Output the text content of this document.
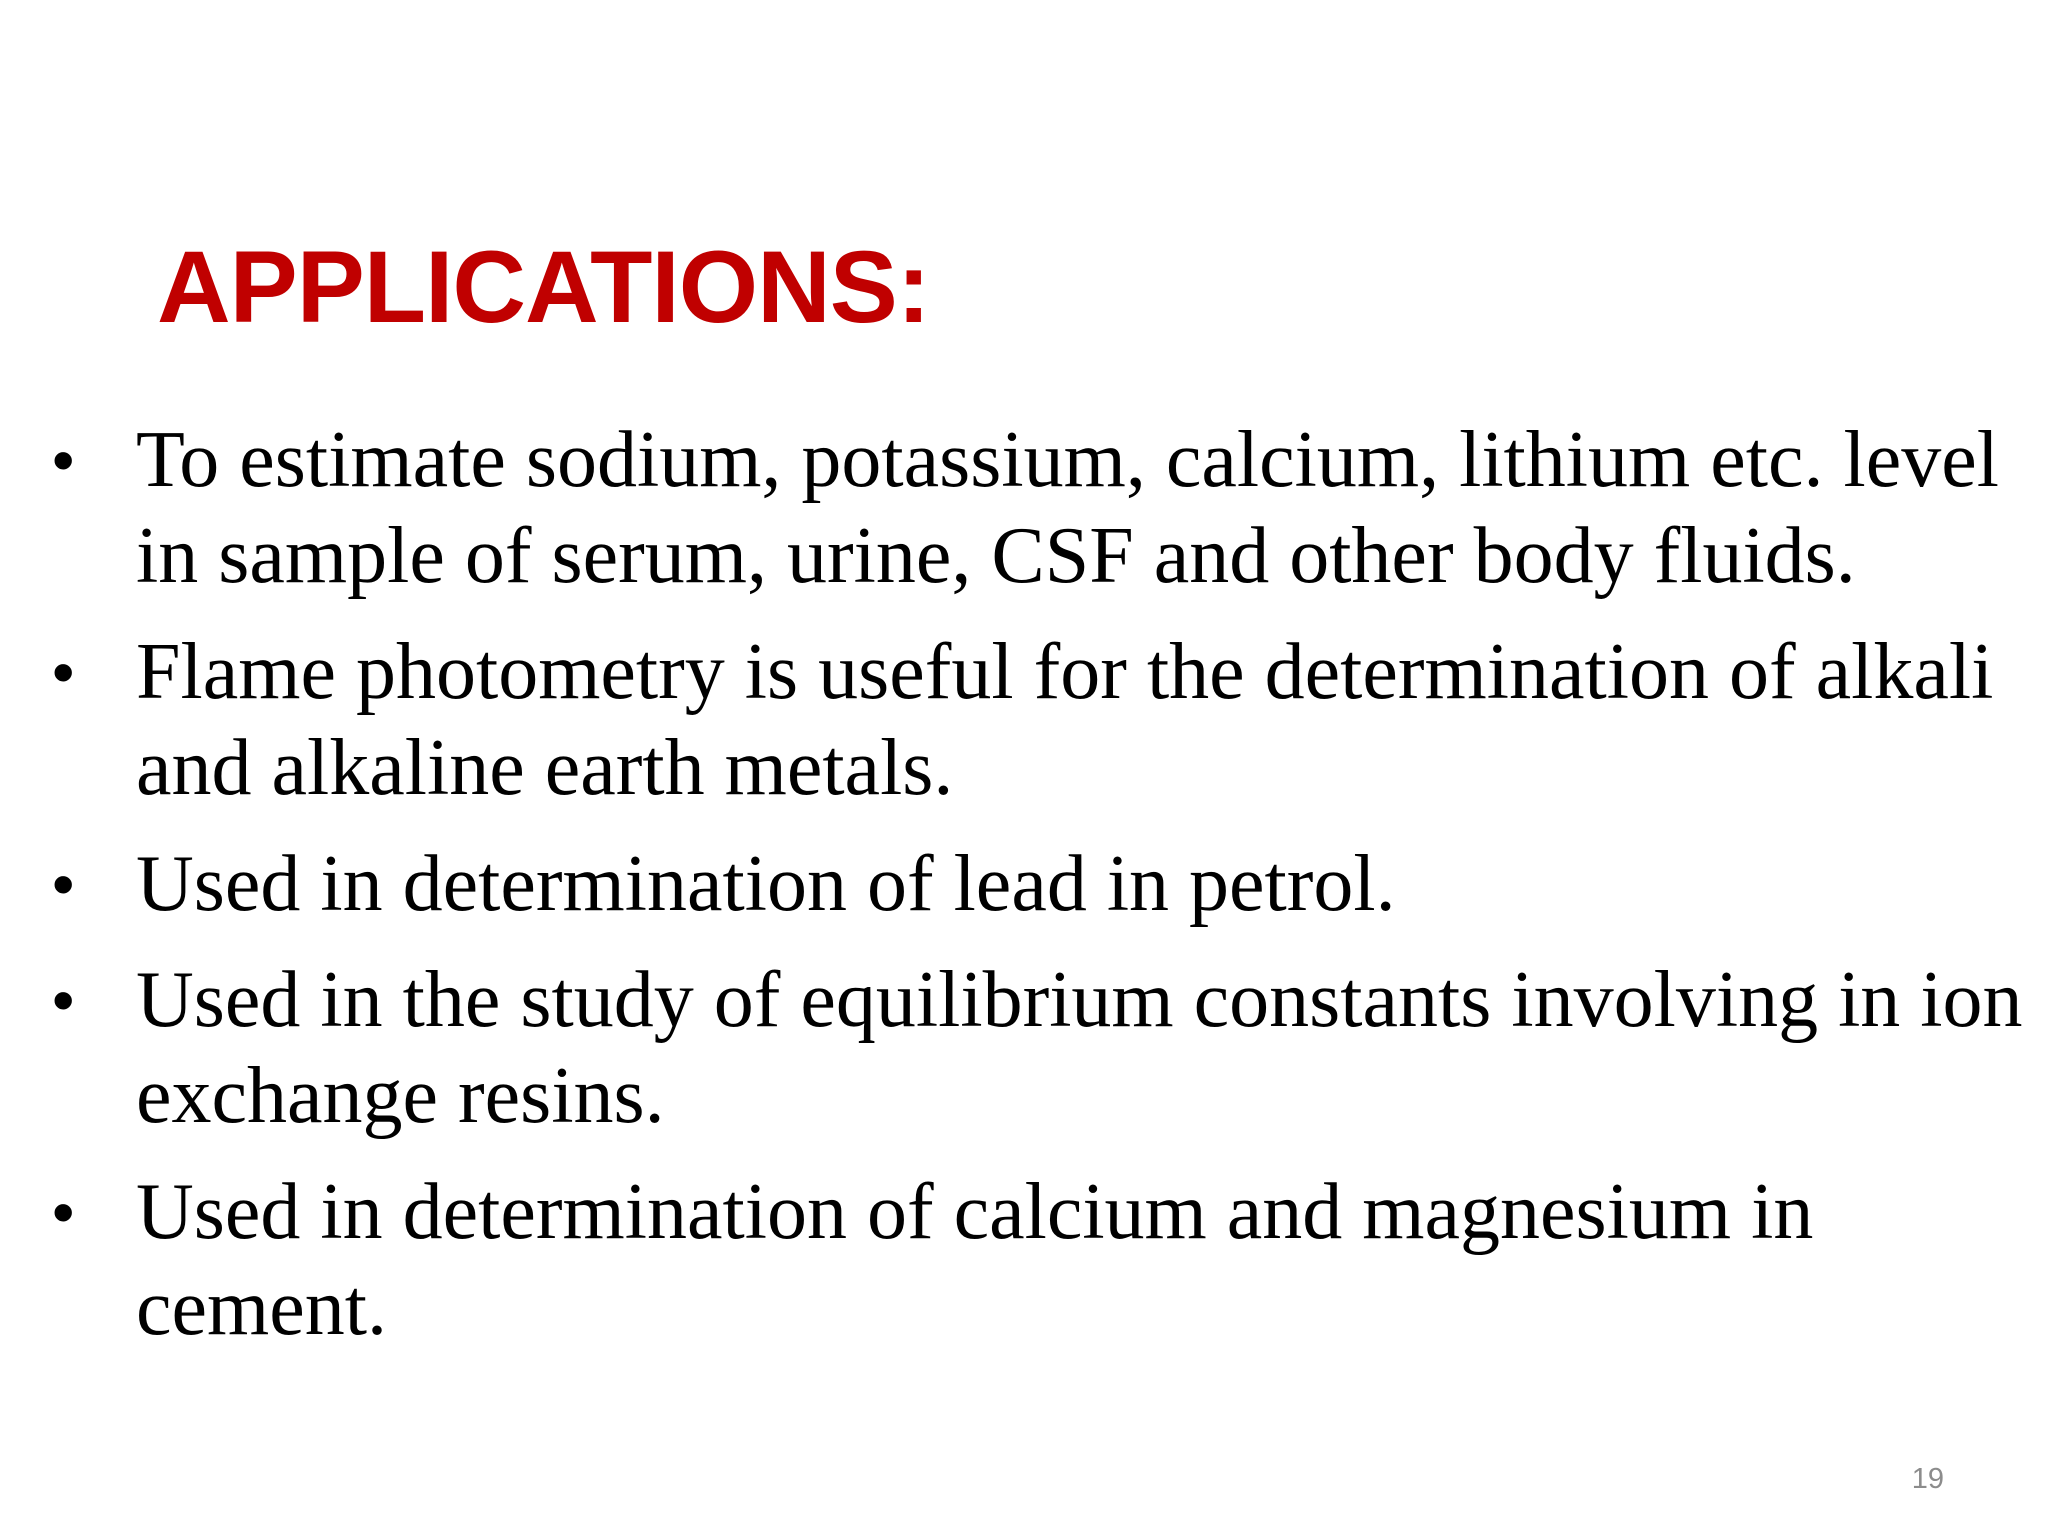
APPLICATIONS:
• To estimate sodium, potassium, calcium, lithium etc. level in sample of serum, urine, CSF and other body fluids.
• Flame photometry is useful for the determination of alkali and alkaline earth metals.
• Used in determination of lead in petrol.
• Used in the study of equilibrium constants involving in ion exchange resins.
• Used in determination of calcium and magnesium in cement.
19
